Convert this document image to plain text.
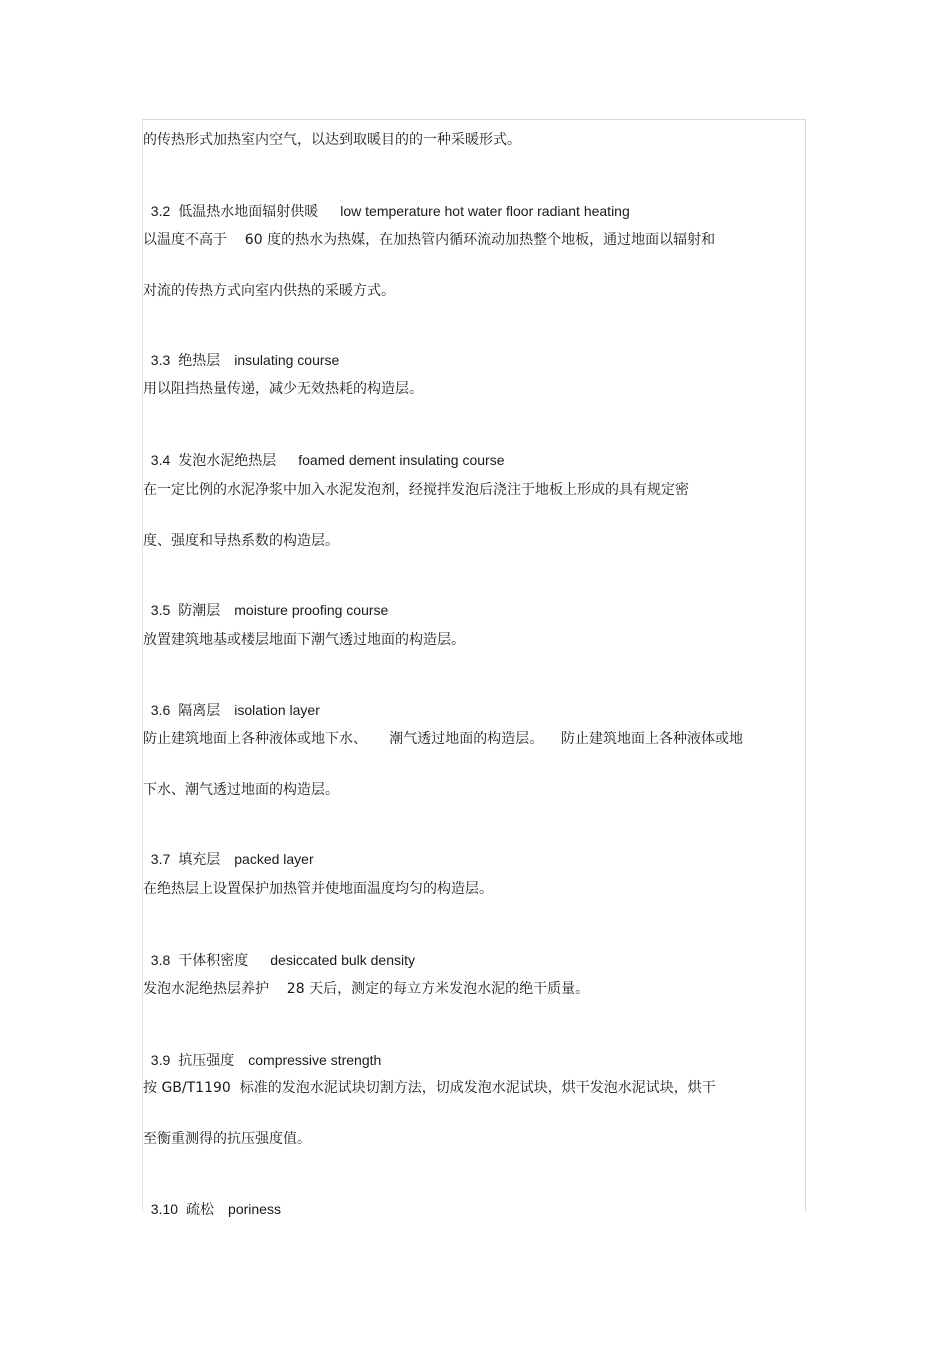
的传热形式加热室内空气，以达到取暖目的的一种采暖形式。

3.2 低温热水地面辐射供暖 low temperature hot water floor radiant heating

以温度不高于    60 度的热水为热媒，在加热管内循环流动加热整个地板，通过地面以辐射和
对流的传热方式向室内供热的采暖方式。

3.3 绝热层 insulating course

用以阻挡热量传递，减少无效热耗的构造层。

3.4 发泡水泥绝热层 foamed dement insulating course

在一定比例的水泥净浆中加入水泥发泡剂，经搅拌发泡后浇注于地板上形成的具有规定密
度、强度和导热系数的构造层。

3.5 防潮层 moisture proofing course

放置建筑地基或楼层地面下潮气透过地面的构造层。

3.6 隔离层 isolation layer

防止建筑地面上各种液体或地下水、     潮气透过地面的构造层。    防止建筑地面上各种液体或地
下水、潮气透过地面的构造层。

3.7 填充层 packed layer

在绝热层上设置保护加热管并使地面温度均匀的构造层。

3.8 干体积密度 desiccated bulk density

发泡水泥绝热层养护    28 天后，测定的每立方米发泡水泥的绝干质量。

3.9 抗压强度 compressive strength

按 GB/T1190  标准的发泡水泥试块切割方法，切成发泡水泥试块，烘干发泡水泥试块，烘干
至衡重测得的抗压强度值。

3.10 疏松 poriness
